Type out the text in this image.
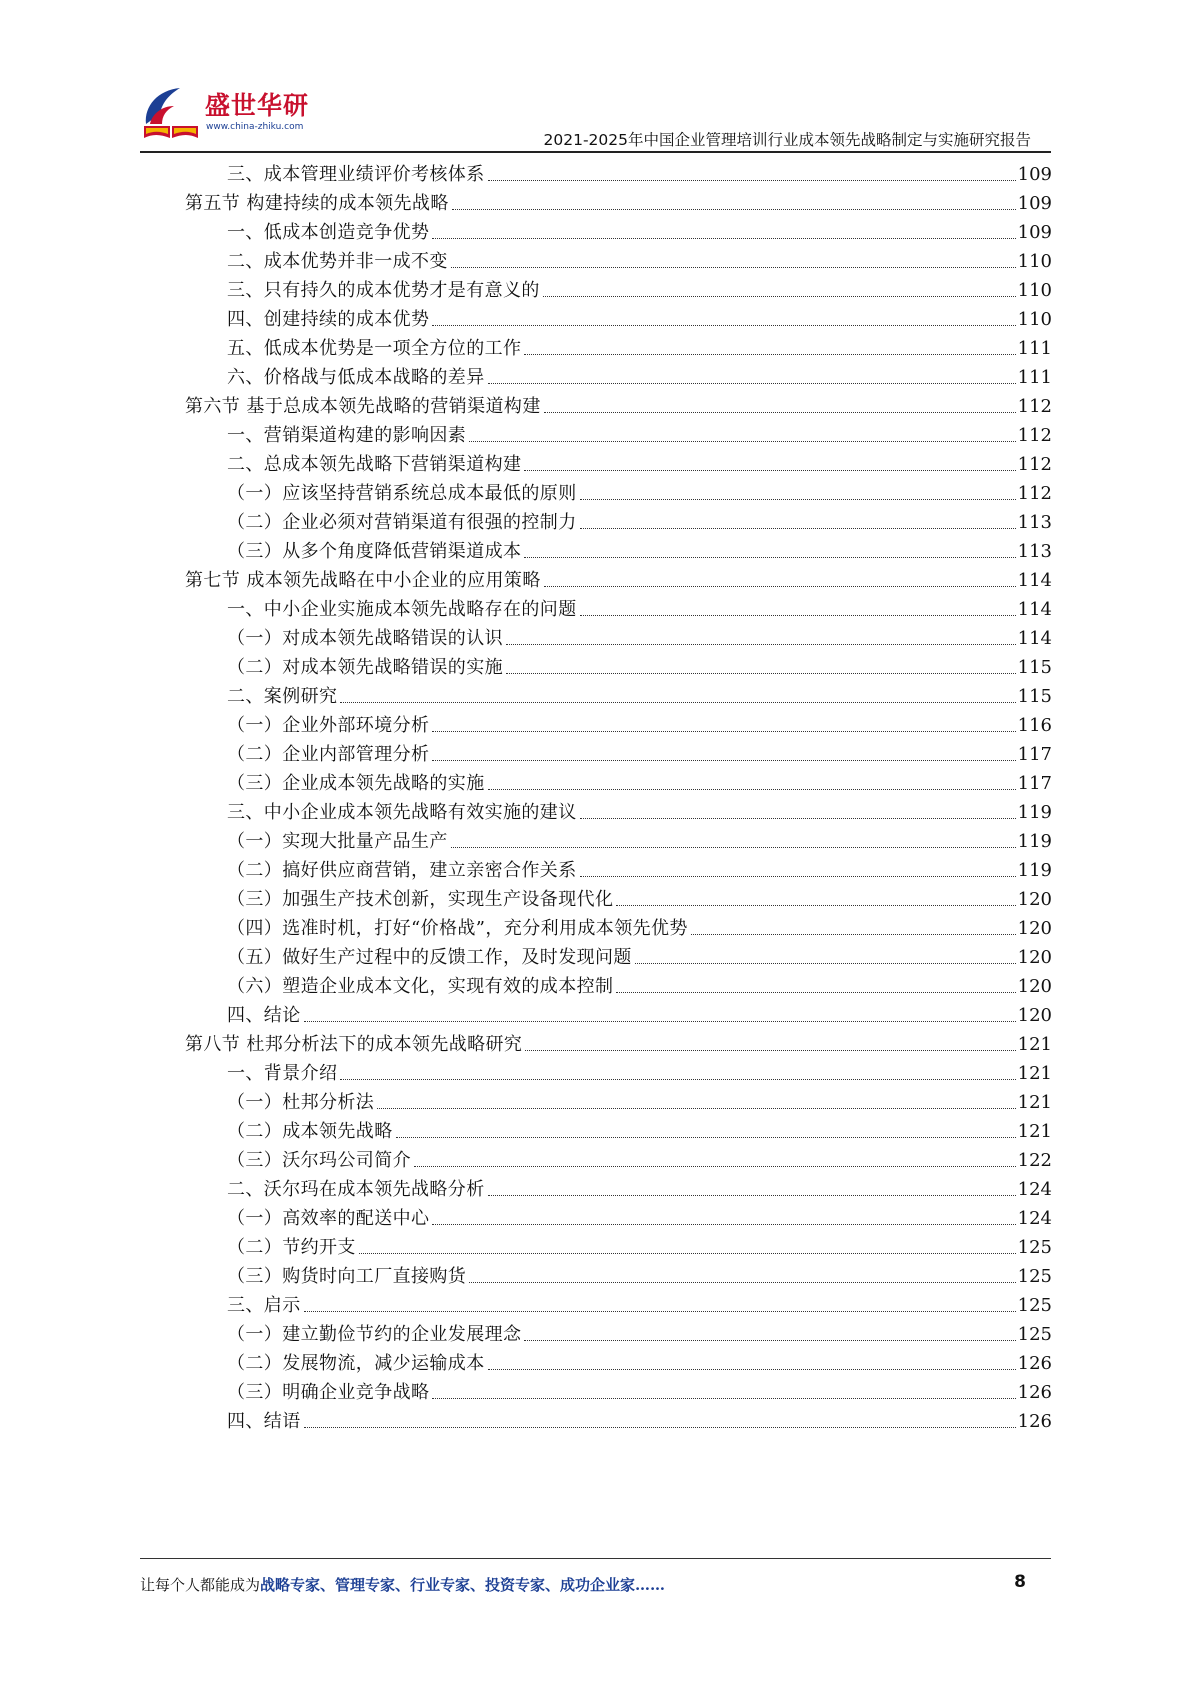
盛世华研
www.china-zhiku.com
2021-2025年中国企业管理培训行业成本领先战略制定与实施研究报告
三、成本管理业绩评价考核体系	109
第五节 构建持续的成本领先战略	109
一、低成本创造竞争优势	109
二、成本优势并非一成不变	110
三、只有持久的成本优势才是有意义的	110
四、创建持续的成本优势	110
五、低成本优势是一项全方位的工作	111
六、价格战与低成本战略的差异	111
第六节 基于总成本领先战略的营销渠道构建	112
一、营销渠道构建的影响因素	112
二、总成本领先战略下营销渠道构建	112
（一）应该坚持营销系统总成本最低的原则	112
（二）企业必须对营销渠道有很强的控制力	113
（三）从多个角度降低营销渠道成本	113
第七节 成本领先战略在中小企业的应用策略	114
一、中小企业实施成本领先战略存在的问题	114
（一）对成本领先战略错误的认识	114
（二）对成本领先战略错误的实施	115
二、案例研究	115
（一）企业外部环境分析	116
（二）企业内部管理分析	117
（三）企业成本领先战略的实施	117
三、中小企业成本领先战略有效实施的建议	119
（一）实现大批量产品生产	119
（二）搞好供应商营销，建立亲密合作关系	119
（三）加强生产技术创新，实现生产设备现代化	120
（四）选准时机，打好“价格战”，充分利用成本领先优势	120
（五）做好生产过程中的反馈工作，及时发现问题	120
（六）塑造企业成本文化，实现有效的成本控制	120
四、结论	120
第八节 杜邦分析法下的成本领先战略研究	121
一、背景介绍	121
（一）杜邦分析法	121
（二）成本领先战略	121
（三）沃尔玛公司简介	122
二、沃尔玛在成本领先战略分析	124
（一）高效率的配送中心	124
（二）节约开支	125
（三）购货时向工厂直接购货	125
三、启示	125
（一）建立勤俭节约的企业发展理念	125
（二）发展物流，减少运输成本	126
（三）明确企业竞争战略	126
四、结语	126
让每个人都能成为战略专家、管理专家、行业专家、投资专家、成功企业家……	8
